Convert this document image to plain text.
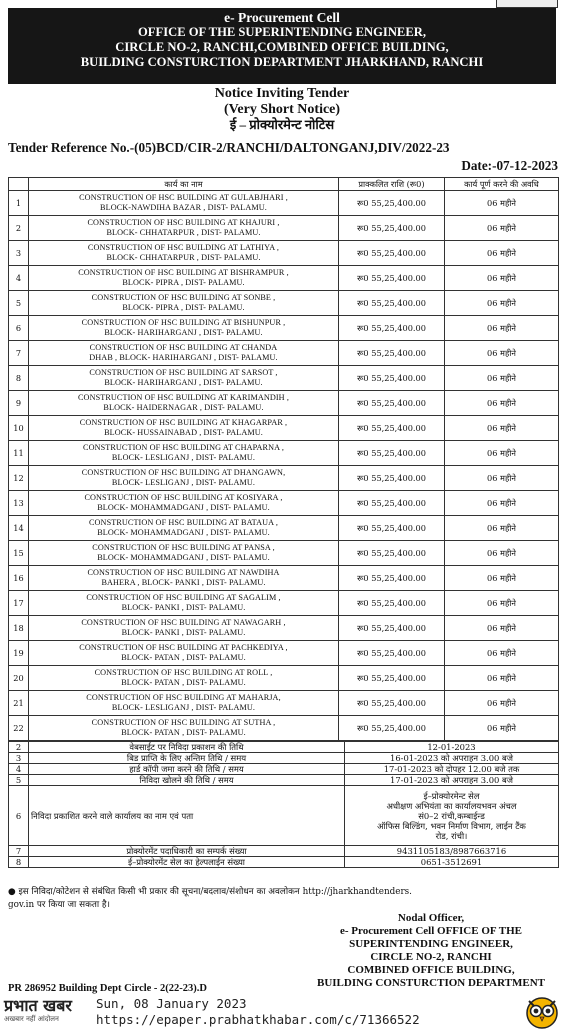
e- Procurement Cell
OFFICE OF THE SUPERINTENDING ENGINEER,
CIRCLE NO-2, RANCHI,COMBINED OFFICE BUILDING,
BUILDING CONSTURCTION DEPARTMENT JHARKHAND, RANCHI
Notice Inviting Tender
(Very Short Notice)
ई – प्रोक्योरमेन्ट नोटिस
Tender Reference No.-(05)BCD/CIR-2/RANCHI/DALTONGANJ,DIV/2022-23
Date:-07-12-2023
	कार्य का नाम	प्राक्कलित राशि (रू0)	कार्य पूर्ण करने की अवधि
1	CONSTRUCTION OF HSC BUILDING AT GULABJHARI ,
BLOCK-NAWDIHA BAZAR , DIST- PALAMU.	रू0 55,25,400.00	06 महीने
2	CONSTRUCTION OF HSC BUILDING AT KHAJURI ,
BLOCK- CHHATARPUR , DIST- PALAMU.	रू0 55,25,400.00	06 महीने
3	CONSTRUCTION OF HSC BUILDING AT LATHIYA ,
BLOCK- CHHATARPUR , DIST- PALAMU.	रू0 55,25,400.00	06 महीने
4	CONSTRUCTION OF HSC BUILDING AT BISHRAMPUR ,
BLOCK- PIPRA , DIST- PALAMU.	रू0 55,25,400.00	06 महीने
5	CONSTRUCTION OF HSC BUILDING AT SONBE ,
BLOCK- PIPRA , DIST- PALAMU.	रू0 55,25,400.00	06 महीने
6	CONSTRUCTION OF HSC BUILDING AT BISHUNPUR ,
BLOCK- HARIHARGANJ , DIST- PALAMU.	रू0 55,25,400.00	06 महीने
7	CONSTRUCTION OF HSC BUILDING AT CHANDA
DHAB , BLOCK- HARIHARGANJ , DIST- PALAMU.	रू0 55,25,400.00	06 महीने
8	CONSTRUCTION OF HSC BUILDING AT SARSOT ,
BLOCK- HARIHARGANJ , DIST- PALAMU.	रू0 55,25,400.00	06 महीने
9	CONSTRUCTION OF HSC BUILDING AT KARIMANDIH ,
BLOCK- HAIDERNAGAR , DIST- PALAMU.	रू0 55,25,400.00	06 महीने
10	CONSTRUCTION OF HSC BUILDING AT KHAGARPAR ,
BLOCK- HUSSAINABAD , DIST- PALAMU.	रू0 55,25,400.00	06 महीने
11	CONSTRUCTION OF HSC BUILDING AT CHAPARNA ,
BLOCK- LESLIGANJ , DIST- PALAMU.	रू0 55,25,400.00	06 महीने
12	CONSTRUCTION OF HSC BUILDING AT DHANGAWN,
BLOCK- LESLIGANJ , DIST- PALAMU.	रू0 55,25,400.00	06 महीने
13	CONSTRUCTION OF HSC BUILDING AT KOSIYARA ,
BLOCK- MOHAMMADGANJ , DIST- PALAMU.	रू0 55,25,400.00	06 महीने
14	CONSTRUCTION OF HSC BUILDING AT BATAUA ,
BLOCK- MOHAMMADGANJ , DIST- PALAMU.	रू0 55,25,400.00	06 महीने
15	CONSTRUCTION OF HSC BUILDING AT PANSA ,
BLOCK- MOHAMMADGANJ , DIST- PALAMU.	रू0 55,25,400.00	06 महीने
16	CONSTRUCTION OF HSC BUILDING AT NAWDIHA
BAHERA , BLOCK- PANKI , DIST- PALAMU.	रू0 55,25,400.00	06 महीने
17	CONSTRUCTION OF HSC BUILDING AT SAGALIM ,
BLOCK- PANKI , DIST- PALAMU.	रू0 55,25,400.00	06 महीने
18	CONSTRUCTION OF HSC BUILDING AT NAWAGARH ,
BLOCK- PANKI , DIST- PALAMU.	रू0 55,25,400.00	06 महीने
19	CONSTRUCTION OF HSC BUILDING AT PACHKEDIYA ,
BLOCK- PATAN , DIST- PALAMU.	रू0 55,25,400.00	06 महीने
20	CONSTRUCTION OF HSC BUILDING AT ROLL ,
BLOCK- PATAN , DIST- PALAMU.	रू0 55,25,400.00	06 महीने
21	CONSTRUCTION OF HSC BUILDING AT MAHARJA,
BLOCK- LESLIGANJ , DIST- PALAMU.	रू0 55,25,400.00	06 महीने
22	CONSTRUCTION OF HSC BUILDING AT SUTHA ,
BLOCK- PATAN , DIST- PALAMU.	रू0 55,25,400.00	06 महीने
2	वेबसाईट पर निविदा प्रकाशन की तिथि	12-01-2023
3	बिड प्राप्ति के लिए अन्तिम तिथि / समय	16-01-2023 को अपराहन 3.00 बजे
4	हार्ड कॉपी जमा करने की तिथि / समय	17-01-2023 को दोपहर 12.00 बजे तक
5	निविदा खोलने की तिथि / समय	17-01-2023 को अपराहन 3.00 बजे
6	निविदा प्रकाशित करने वाले कार्यालय का नाम एवं पता	ई–प्रोक्योरमेन्ट सेल
अधीक्षण अभियंता का कार्यालयभवन अंचल
सं0–2 रांची,कम्बाईन्ड
ऑफिस बिल्डिंग, भवन निर्माण विभाग, लाईन टैंक
रोड, रांची।

7	प्रोक्योरमेंट पदाधिकारी का सम्पर्क संख्या	9431105183/8987663716
8	ई–प्रोक्योरमेंट सेल का हेल्पलाईन संख्या	0651-3512691
● इस निविदा/कोटेशन से संबंधित किसी भी प्रकार की सूचना/बदलाव/संशोधन का अवलोकन http://jharkhandtenders.
gov.in पर किया जा सकता है।
Nodal Officer,
e- Procurement Cell OFFICE OF THE
SUPERINTENDING ENGINEER,
CIRCLE NO-2, RANCHI
COMBINED OFFICE BUILDING,
BUILDING CONSTURCTION DEPARTMENT
PR 286952 Building Dept Circle - 2(22-23).D
प्रभात खबर
अखबार नहीं आंदोलन
Sun, 08 January 2023
https://epaper.prabhatkhabar.com/c/71366522
